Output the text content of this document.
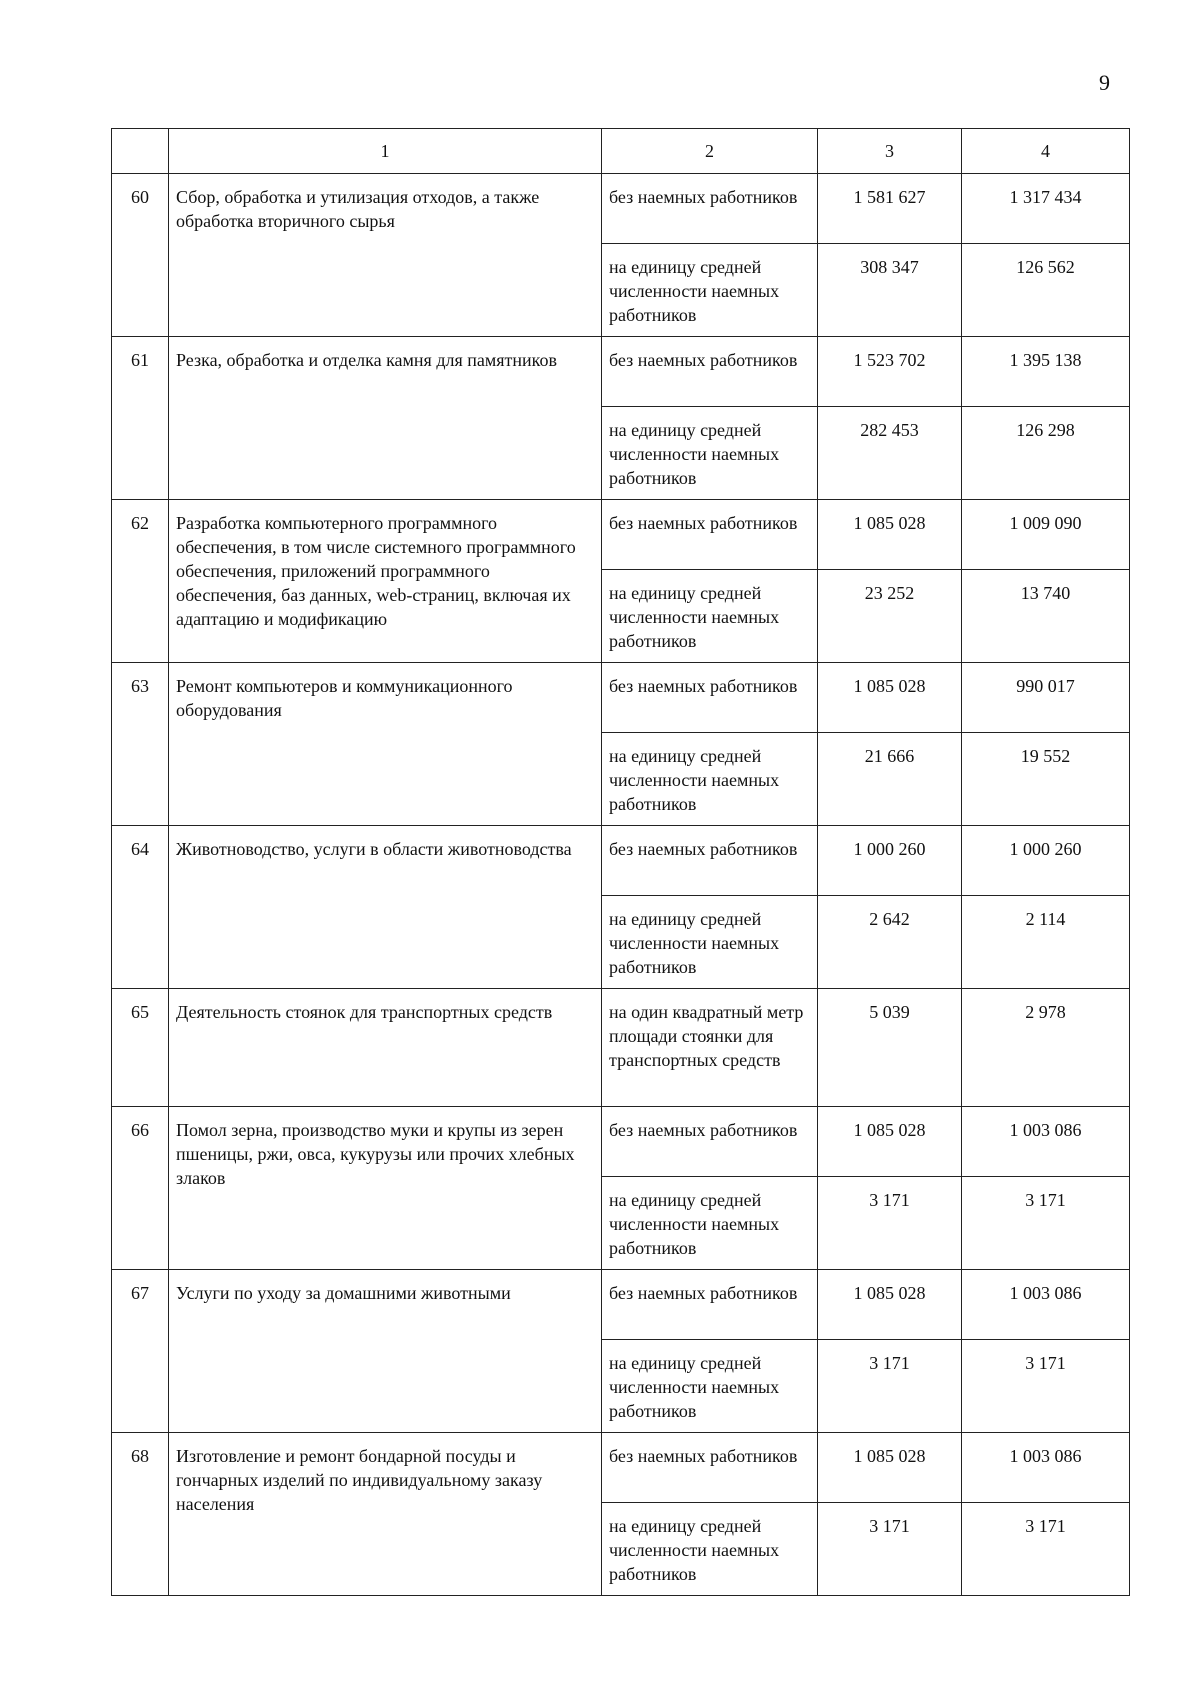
9
	1	2	3	4
60	Сбор, обработка и утилизация отходов, а также обработка вторичного сырья	без наемных работников	1 581 627	1 317 434
		на единицу средней численности наемных работников	308 347	126 562
61	Резка, обработка и отделка камня для памятников	без наемных работников	1 523 702	1 395 138
		на единицу средней численности наемных работников	282 453	126 298
62	Разработка компьютерного программного обеспечения, в том числе системного программного обеспечения, приложений программного обеспечения, баз данных, web-страниц, включая их адаптацию и модификацию	без наемных работников	1 085 028	1 009 090
		на единицу средней численности наемных работников	23 252	13 740
63	Ремонт компьютеров и коммуникационного оборудования	без наемных работников	1 085 028	990 017
		на единицу средней численности наемных работников	21 666	19 552
64	Животноводство, услуги в области животноводства	без наемных работников	1 000 260	1 000 260
		на единицу средней численности наемных работников	2 642	2 114
65	Деятельность стоянок для транспортных средств	на один квадратный метр площади стоянки для транспортных средств	5 039	2 978
66	Помол зерна, производство муки и крупы из зерен пшеницы, ржи, овса, кукурузы или прочих хлебных злаков	без наемных работников	1 085 028	1 003 086
		на единицу средней численности наемных работников	3 171	3 171
67	Услуги по уходу за домашними животными	без наемных работников	1 085 028	1 003 086
		на единицу средней численности наемных работников	3 171	3 171
68	Изготовление и ремонт бондарной посуды и гончарных изделий по индивидуальному заказу населения	без наемных работников	1 085 028	1 003 086
		на единицу средней численности наемных работников	3 171	3 171
